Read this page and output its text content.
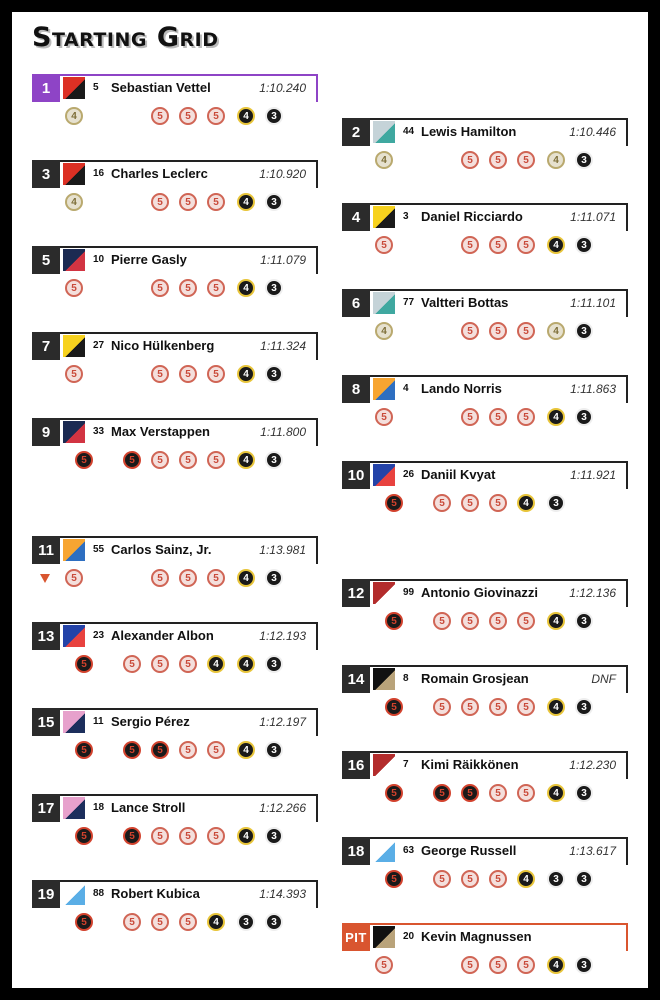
Starting Grid
1	5 Sebastian Vettel	1:10.240
4	5	5	5	4	3
2	44 Lewis Hamilton	1:10.446
4	5	5	5	4	3
3	16 Charles Leclerc	1:10.920
4	5	5	5	4	3
4	3 Daniel Ricciardo	1:11.071
5	5	5	5	4	3
5	10 Pierre Gasly	1:11.079
5	5	5	5	4	3
6	77 Valtteri Bottas	1:11.101
4	5	5	5	4	3
7	27 Nico Hülkenberg	1:11.324
5	5	5	5	4	3
8	4 Lando Norris	1:11.863
5	5	5	5	4	3
9	33 Max Verstappen	1:11.800
5	5	5	5	5	4	3
10	26 Daniil Kvyat	1:11.921
5	5	5	5	4	3
11	55 Carlos Sainz, Jr.	1:13.981
5	5	5	5	4	3
12	99 Antonio Giovinazzi	1:12.136
5	5	5	5	5	4	3
13	23 Alexander Albon	1:12.193
5	5	5	5	4	4	3
14	8 Romain Grosjean	DNF
5	5	5	5	5	4	3
15	11 Sergio Pérez	1:12.197
5	5	5	5	5	4	3
16	7 Kimi Räikkönen	1:12.230
5	5	5	5	5	4	3
17	18 Lance Stroll	1:12.266
5	5	5	5	5	4	3
18	63 George Russell	1:13.617
5	5	5	5	4	3	3
19	88 Robert Kubica	1:14.393
5	5	5	5	4	3	3
PIT	20 Kevin Magnussen
5	5	5	5	4	3
